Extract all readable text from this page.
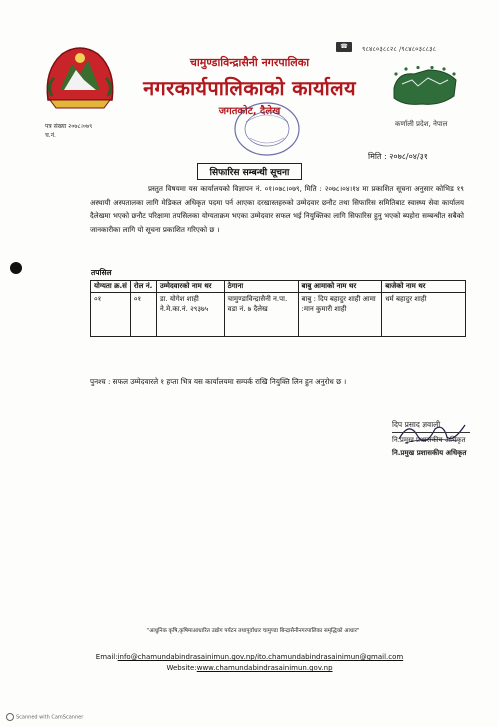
☎	९८४८०३८८२८ /९८४८०३८८३८
चामुण्डाविन्द्रासैनी नगरपालिका
नगरकार्यपालिकाको कार्यालय
जगतकोट, दैलेख
कर्णाली प्रदेश, नेपाल
पत्र संख्या २०७८।०७९
च.नं.
मिति : २०७८/०४/३१
सिफारिस सम्बन्धी सूचना
प्रस्तुत विषयमा यस कार्यालयको विज्ञापन नं. ०१।०७८।०७९, मिति : २०७८।०४।१४ मा प्रकाशित सूचना अनुसार कोभिड १९ अस्थायी अस्पतालका लागि मेडिकल अधिकृत पदमा पर्न आएका दरखास्तहरुको उम्मेदवार छनौट तथा सिफारिस समितिबाट स्वास्थ्य सेवा कार्यालय दैलेखमा भएको छनौट परिक्षामा तपसिलका योग्यताक्रम भएका उम्मेदवार सफल भई नियुक्तिका लागि सिफारिस हुनु भएको ब्यहोरा सम्बन्धीत सबैको जानकारीका लागि यो सूचना प्रकाशित गरिएको छ ।
तपसिल
योग्यता क्र.सं	रोल नं.	उम्मेदवारको नाम थर	ठेगाना	बाबु आमाको नाम थर	बाजेको नाम थर
०१	०१	डा. योगेश शाही ने.मे.का.नं. २९३७५	चामुण्डाविन्द्रासैनी न.पा. वडा नं. ७ दैलेख	बाबु : दिप बहादुर शाही आमा :मान कुमारी शाही	धर्म बहादुर शाही
पुनश्च : सफल उम्मेदवारले १ हप्ता भित्र यस कार्यालयमा सम्पर्क राखि नियुक्ति लिन हुन अनुरोध छ ।
दिप प्रसाद ज्ञवाली
नि.प्रमुख प्रशासकीय अधिकृत
नि.प्रमुख प्रशासकीय अधिकृत
"आधुनिक कृषि,कृषिमाआधारित उद्योग पर्यटन तथापूर्वाधार चामुण्डा बिन्द्रासैनीनगरपालिका समृद्धिको आधार"
Email:info@chamundabindrasainimun.gov.np/ito.chamundabindrasainimun@gmail.com
Website:www.chamundabindrasainimun.gov.np
Scanned with CamScanner
